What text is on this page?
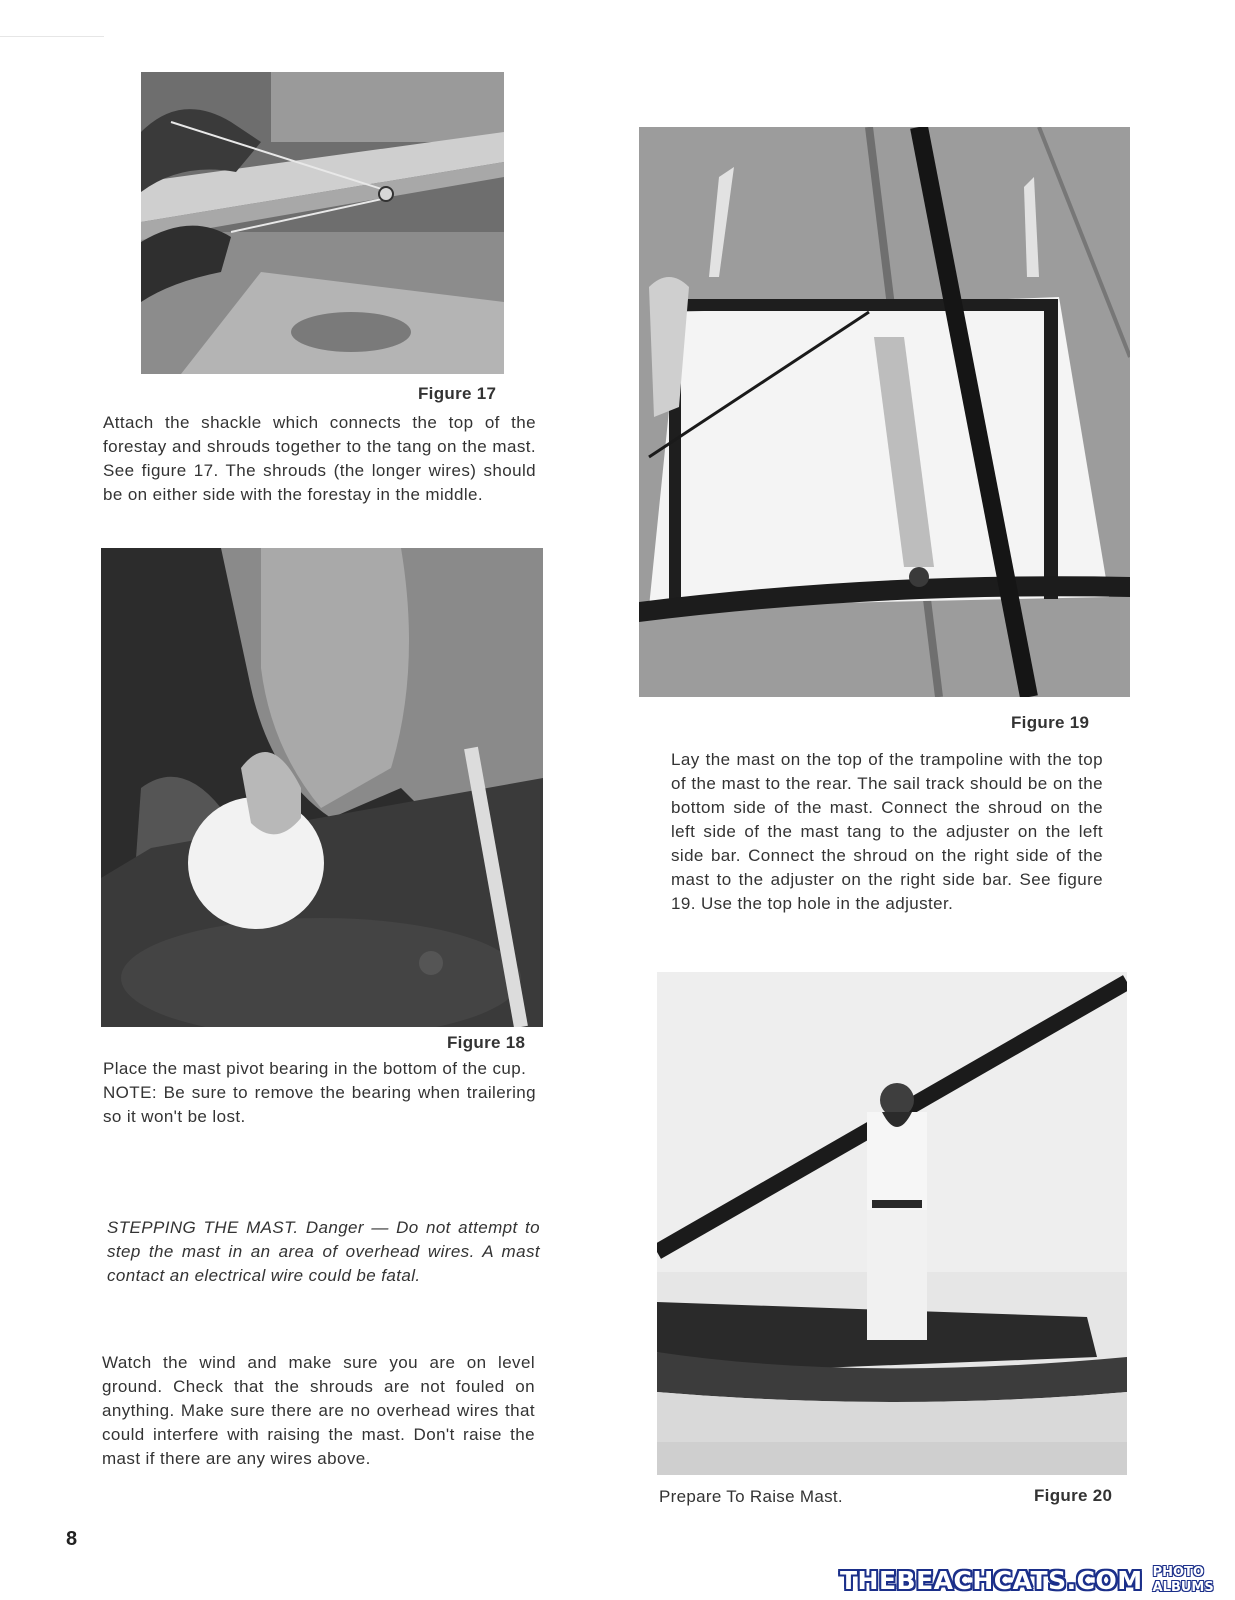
Figure 17

Attach the shackle which connects the top of the forestay and shrouds together to the tang on the mast. See figure 17. The shrouds (the longer wires) should be on either side with the forestay in the middle.

Figure 18

Place the mast pivot bearing in the bottom of the cup.

NOTE: Be sure to remove the bearing when trailering so it won't be lost.

STEPPING THE MAST. Danger — Do not attempt to step the mast in an area of overhead wires. A mast contact an electrical wire could be fatal.

Watch the wind and make sure you are on level ground. Check that the shrouds are not fouled on anything. Make sure there are no overhead wires that could interfere with raising the mast. Don't raise the mast if there are any wires above.

Figure 19

Lay the mast on the top of the trampoline with the top of the mast to the rear. The sail track should be on the bottom side of the mast. Connect the shroud on the left side of the mast tang to the adjuster on the left side bar. Connect the shroud on the right side of the mast to the adjuster on the right side bar. See figure 19. Use the top hole in the adjuster.

Prepare To Raise Mast.	Figure 20
8
THEBEACHCATS.COM PHOTO ALBUMS
